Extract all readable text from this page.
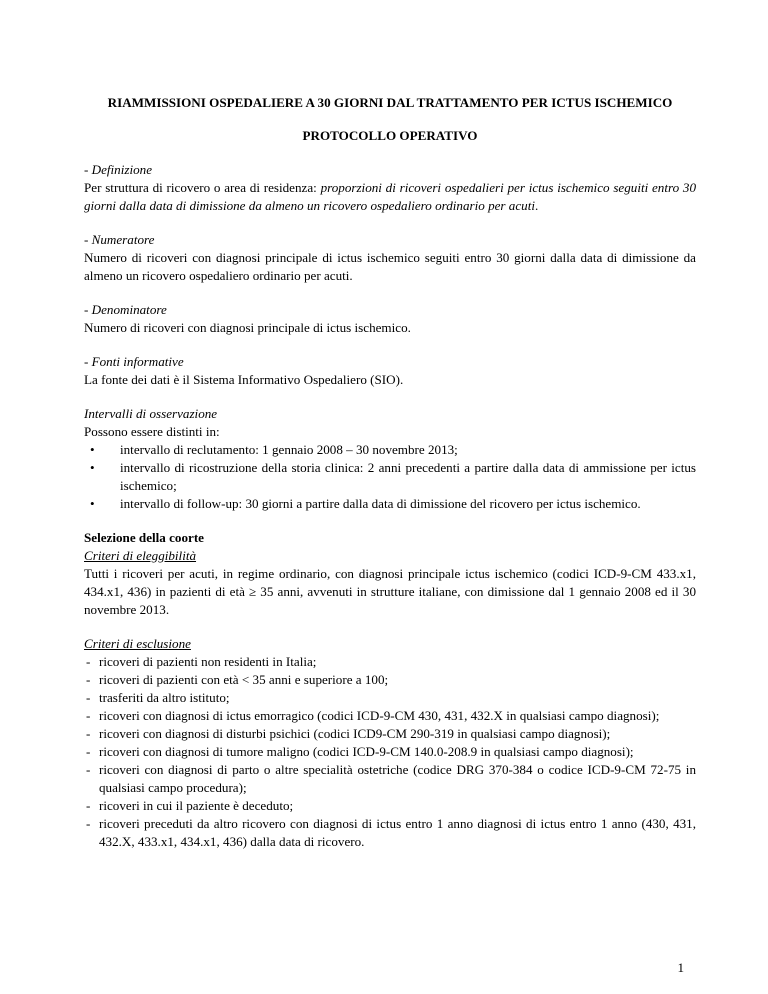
RIAMMISSIONI OSPEDALIERE A 30 GIORNI DAL TRATTAMENTO PER ICTUS ISCHEMICO

PROTOCOLLO OPERATIVO

- Definizione

Per struttura di ricovero o area di residenza: proporzioni di ricoveri ospedalieri per ictus ischemico seguiti entro 30 giorni dalla data di dimissione da almeno un ricovero ospedaliero ordinario per acuti.

- Numeratore

Numero di ricoveri con diagnosi principale di ictus ischemico seguiti entro 30 giorni dalla data di dimissione da almeno un ricovero ospedaliero ordinario per acuti.

- Denominatore

Numero di ricoveri con diagnosi principale di ictus ischemico.

- Fonti informative

La fonte dei dati è il Sistema Informativo Ospedaliero (SIO).

Intervalli di osservazione

Possono essere distinti in:

• intervallo di reclutamento: 1 gennaio 2008 – 30 novembre 2013;
• intervallo di ricostruzione della storia clinica: 2 anni precedenti a partire dalla data di ammissione per ictus ischemico;
• intervallo di follow-up: 30 giorni a partire dalla data di dimissione del ricovero per ictus ischemico.

Selezione della coorte

Criteri di eleggibilità

Tutti i ricoveri per acuti, in regime ordinario, con diagnosi principale ictus ischemico (codici ICD-9-CM 433.x1, 434.x1, 436) in pazienti di età ≥ 35 anni, avvenuti in strutture italiane, con dimissione dal 1 gennaio 2008 ed il 30 novembre 2013.

Criteri di esclusione

- ricoveri di pazienti non residenti in Italia;
- ricoveri di pazienti con età < 35 anni e superiore a 100;
- trasferiti da altro istituto;
- ricoveri con diagnosi di ictus emorragico (codici ICD-9-CM 430, 431, 432.X in qualsiasi campo diagnosi);
- ricoveri con diagnosi di disturbi psichici (codici ICD9-CM 290-319 in qualsiasi campo diagnosi);
- ricoveri con diagnosi di tumore maligno (codici ICD-9-CM 140.0-208.9 in qualsiasi campo diagnosi);
- ricoveri con diagnosi di parto o altre specialità ostetriche (codice DRG 370-384 o codice ICD-9-CM 72-75 in qualsiasi campo procedura);
- ricoveri in cui il paziente è deceduto;
- ricoveri preceduti da altro ricovero con diagnosi di ictus entro 1 anno diagnosi di ictus entro 1 anno (430, 431, 432.X, 433.x1, 434.x1, 436) dalla data di ricovero.
1
